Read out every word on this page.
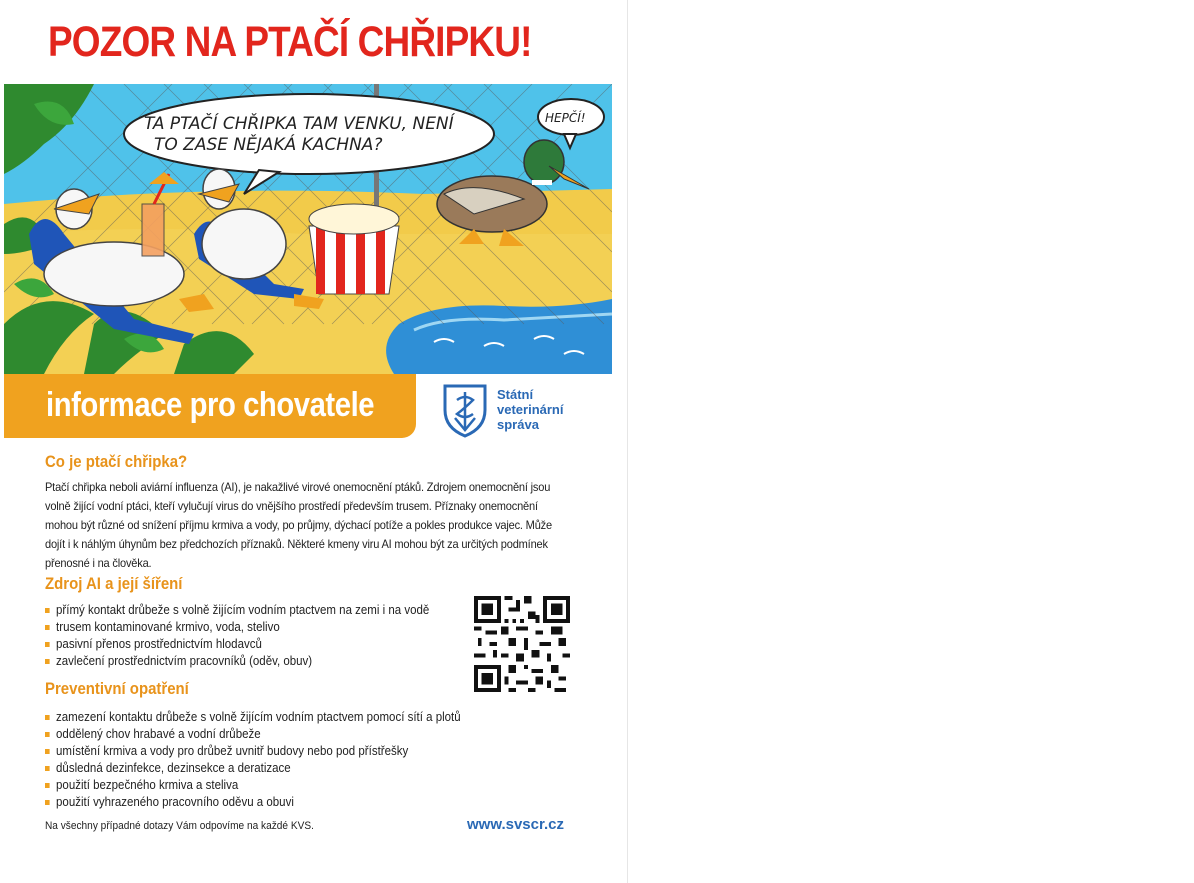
POZOR NA PTAČÍ CHŘIPKU!
TA PTAČÍ CHŘIPKA TAM VENKU, NENÍ
TO ZASE NĚJAKÁ KACHNA?
HEPČÍ!
informace pro chovatele	Státní
veterinární
správa
Co je ptačí chřipka?

Ptačí chřipka neboli aviární influenza (AI), je nakažlivé virové onemocnění ptáků. Zdrojem onemocnění jsou volně žijící vodní ptáci, kteří vylučují virus do vnějšího prostředí především trusem. Příznaky onemocnění mohou být různé od snížení příjmu krmiva a vody, po průjmy, dýchací potíže a pokles produkce vajec. Může dojít i k náhlým úhynům bez předchozích příznaků. Některé kmeny viru AI mohou být za určitých podmínek přenosné i na člověka.

Zdroj AI a její šíření
přímý kontakt drůbeže s volně žijícím vodním ptactvem na zemi i na vodě
trusem kontaminované krmivo, voda, stelivo
pasivní přenos prostřednictvím hlodavců
zavlečení prostřednictvím pracovníků (oděv, obuv)
Preventivní opatření
zamezení kontaktu drůbeže s volně žijícím vodním ptactvem pomocí sítí a plotů
oddělený chov hrabavé a vodní drůbeže
umístění krmiva a vody pro drůbež uvnitř budovy nebo pod přístřešky
důsledná dezinfekce, dezinsekce a deratizace
použití bezpečného krmiva a steliva
použití vyhrazeného pracovního oděvu a obuvi
Na všechny případné dotazy Vám odpovíme na každé KVS.	www.svscr.cz
